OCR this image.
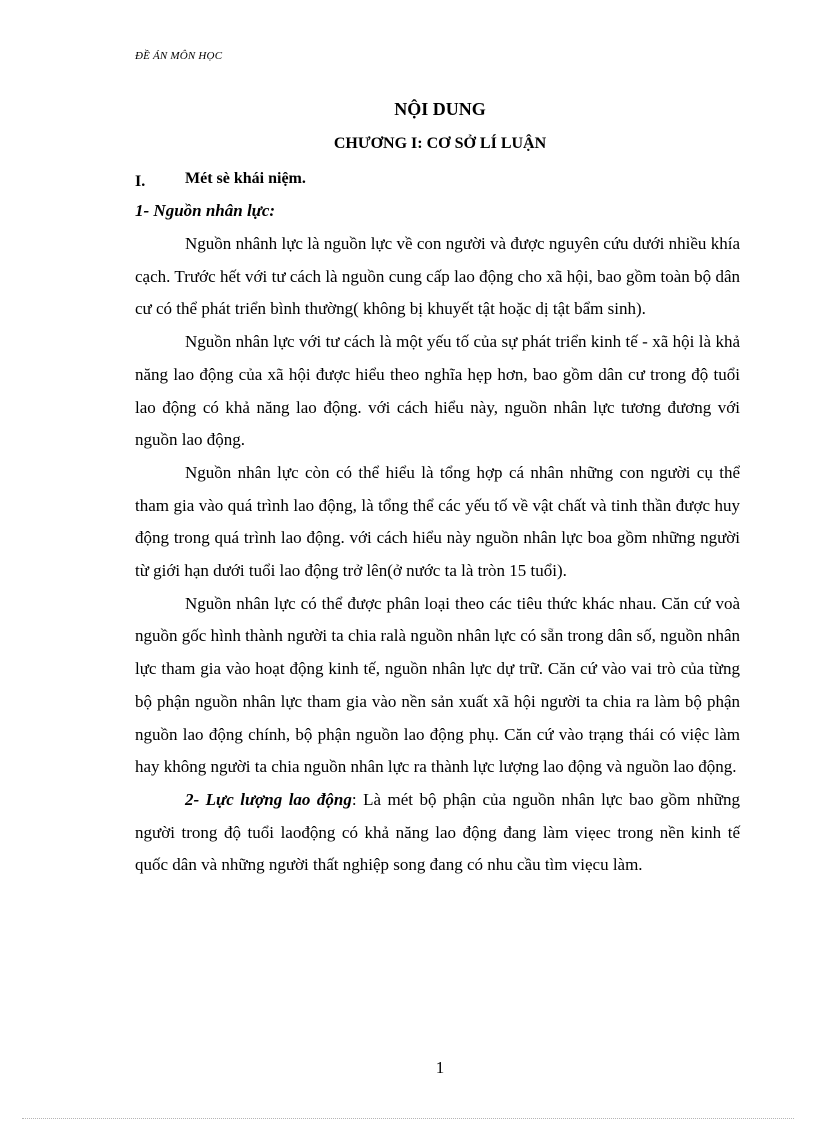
ĐỀ ÁN MÔN HỌC
NỘI DUNG
CHƯƠNG I: CƠ SỞ LÍ LUẬN
I. Mét sè khái niệm.
1- Nguồn nhân lực:

Nguồn nhânh lực là nguồn lực về con người và được nguyên cứu dưới nhiều khía cạch. Trước hết với tư cách là nguồn cung cấp lao động cho xã hội, bao gồm toàn bộ dân cư có thể phát triển bình thường( không bị khuyết tật hoặc dị tật bẩm sinh).

Nguồn nhân lực với tư cách là một yếu tố của sự phát triển kinh tế - xã hội là khả năng lao động của xã hội được hiểu theo nghĩa hẹp hơn, bao gồm dân cư trong độ tuổi lao động có khả năng lao động. với cách hiểu này, nguồn nhân lực tương đương với nguồn lao động.

Nguồn nhân lực còn có thể hiểu là tổng hợp cá nhân những con người cụ thể tham gia vào quá trình lao động, là tổng thể các yếu tố về vật chất và tinh thần được huy động trong quá trình lao động. với cách hiểu này nguồn nhân lực boa gồm những người từ giới hạn dưới tuổi lao động trở lên(ở nước ta là tròn 15 tuổi).

Nguồn nhân lực có thể được phân loại theo các tiêu thức khác nhau. Căn cứ voà nguồn gốc hình thành người ta chia ralà nguồn nhân lực có sẵn trong dân số, nguồn nhân lực tham gia vào hoạt động kinh tế, nguồn nhân lực dự trữ. Căn cứ vào vai trò của từng bộ phận nguồn nhân lực tham gia vào nền sản xuất xã hội người ta chia ra làm bộ phận nguồn lao động chính, bộ phận nguồn lao động phụ. Căn cứ vào trạng thái có việc làm hay không người ta chia nguồn nhân lực ra thành lực lượng lao động và nguồn lao động.

2- Lực lượng lao động: Là mét bộ phận của nguồn nhân lực bao gồm những người trong độ tuổi laođộng có khả năng lao động đang làm viẹec trong nền kinh tế quốc dân và những người thất nghiệp song đang có nhu cầu tìm viẹcu làm.

1
